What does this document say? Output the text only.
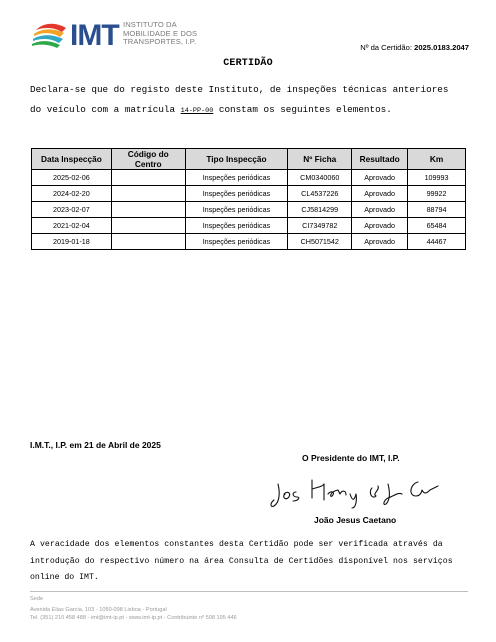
IMT INSTITUTO DA
MOBILIDADE E DOS
TRANSPORTES, I.P.
Nº da Certidão: 2025.0183.2047
CERTIDÃO
Declara-se que do registo deste Instituto, de inspeções técnicas anteriores
do veículo com a matrícula 14-PP-00 constam os seguintes elementos.
Data Inspecção	Código do Centro	Tipo Inspecção	Nº Ficha	Resultado	Km
2025-02-06		Inspeções periódicas	CM0340060	Aprovado	109993
2024-02-20		Inspeções periódicas	CL4537226	Aprovado	99922
2023-02-07		Inspeções periódicas	CJ5814299	Aprovado	88794
2021-02-04		Inspeções periódicas	CI7349782	Aprovado	65484
2019-01-18		Inspeções periódicas	CH5071542	Aprovado	44467
I.M.T., I.P. em 21 de Abril de 2025
O Presidente do IMT, I.P.
João Jesus Caetano
A veracidade dos elementos constantes desta Certidão pode ser verificada através da
introdução do respectivo número na área Consulta de Certidões disponível nos serviços
online do IMT.
Sede
Avenida Elias Garcia, 103 - 1050-098 Lisboa - Portugal
Tel. (351) 210 458 488 - imt@imt-ip.pt - www.imt-ip.pt - Contribuinte nº 508 195 446
